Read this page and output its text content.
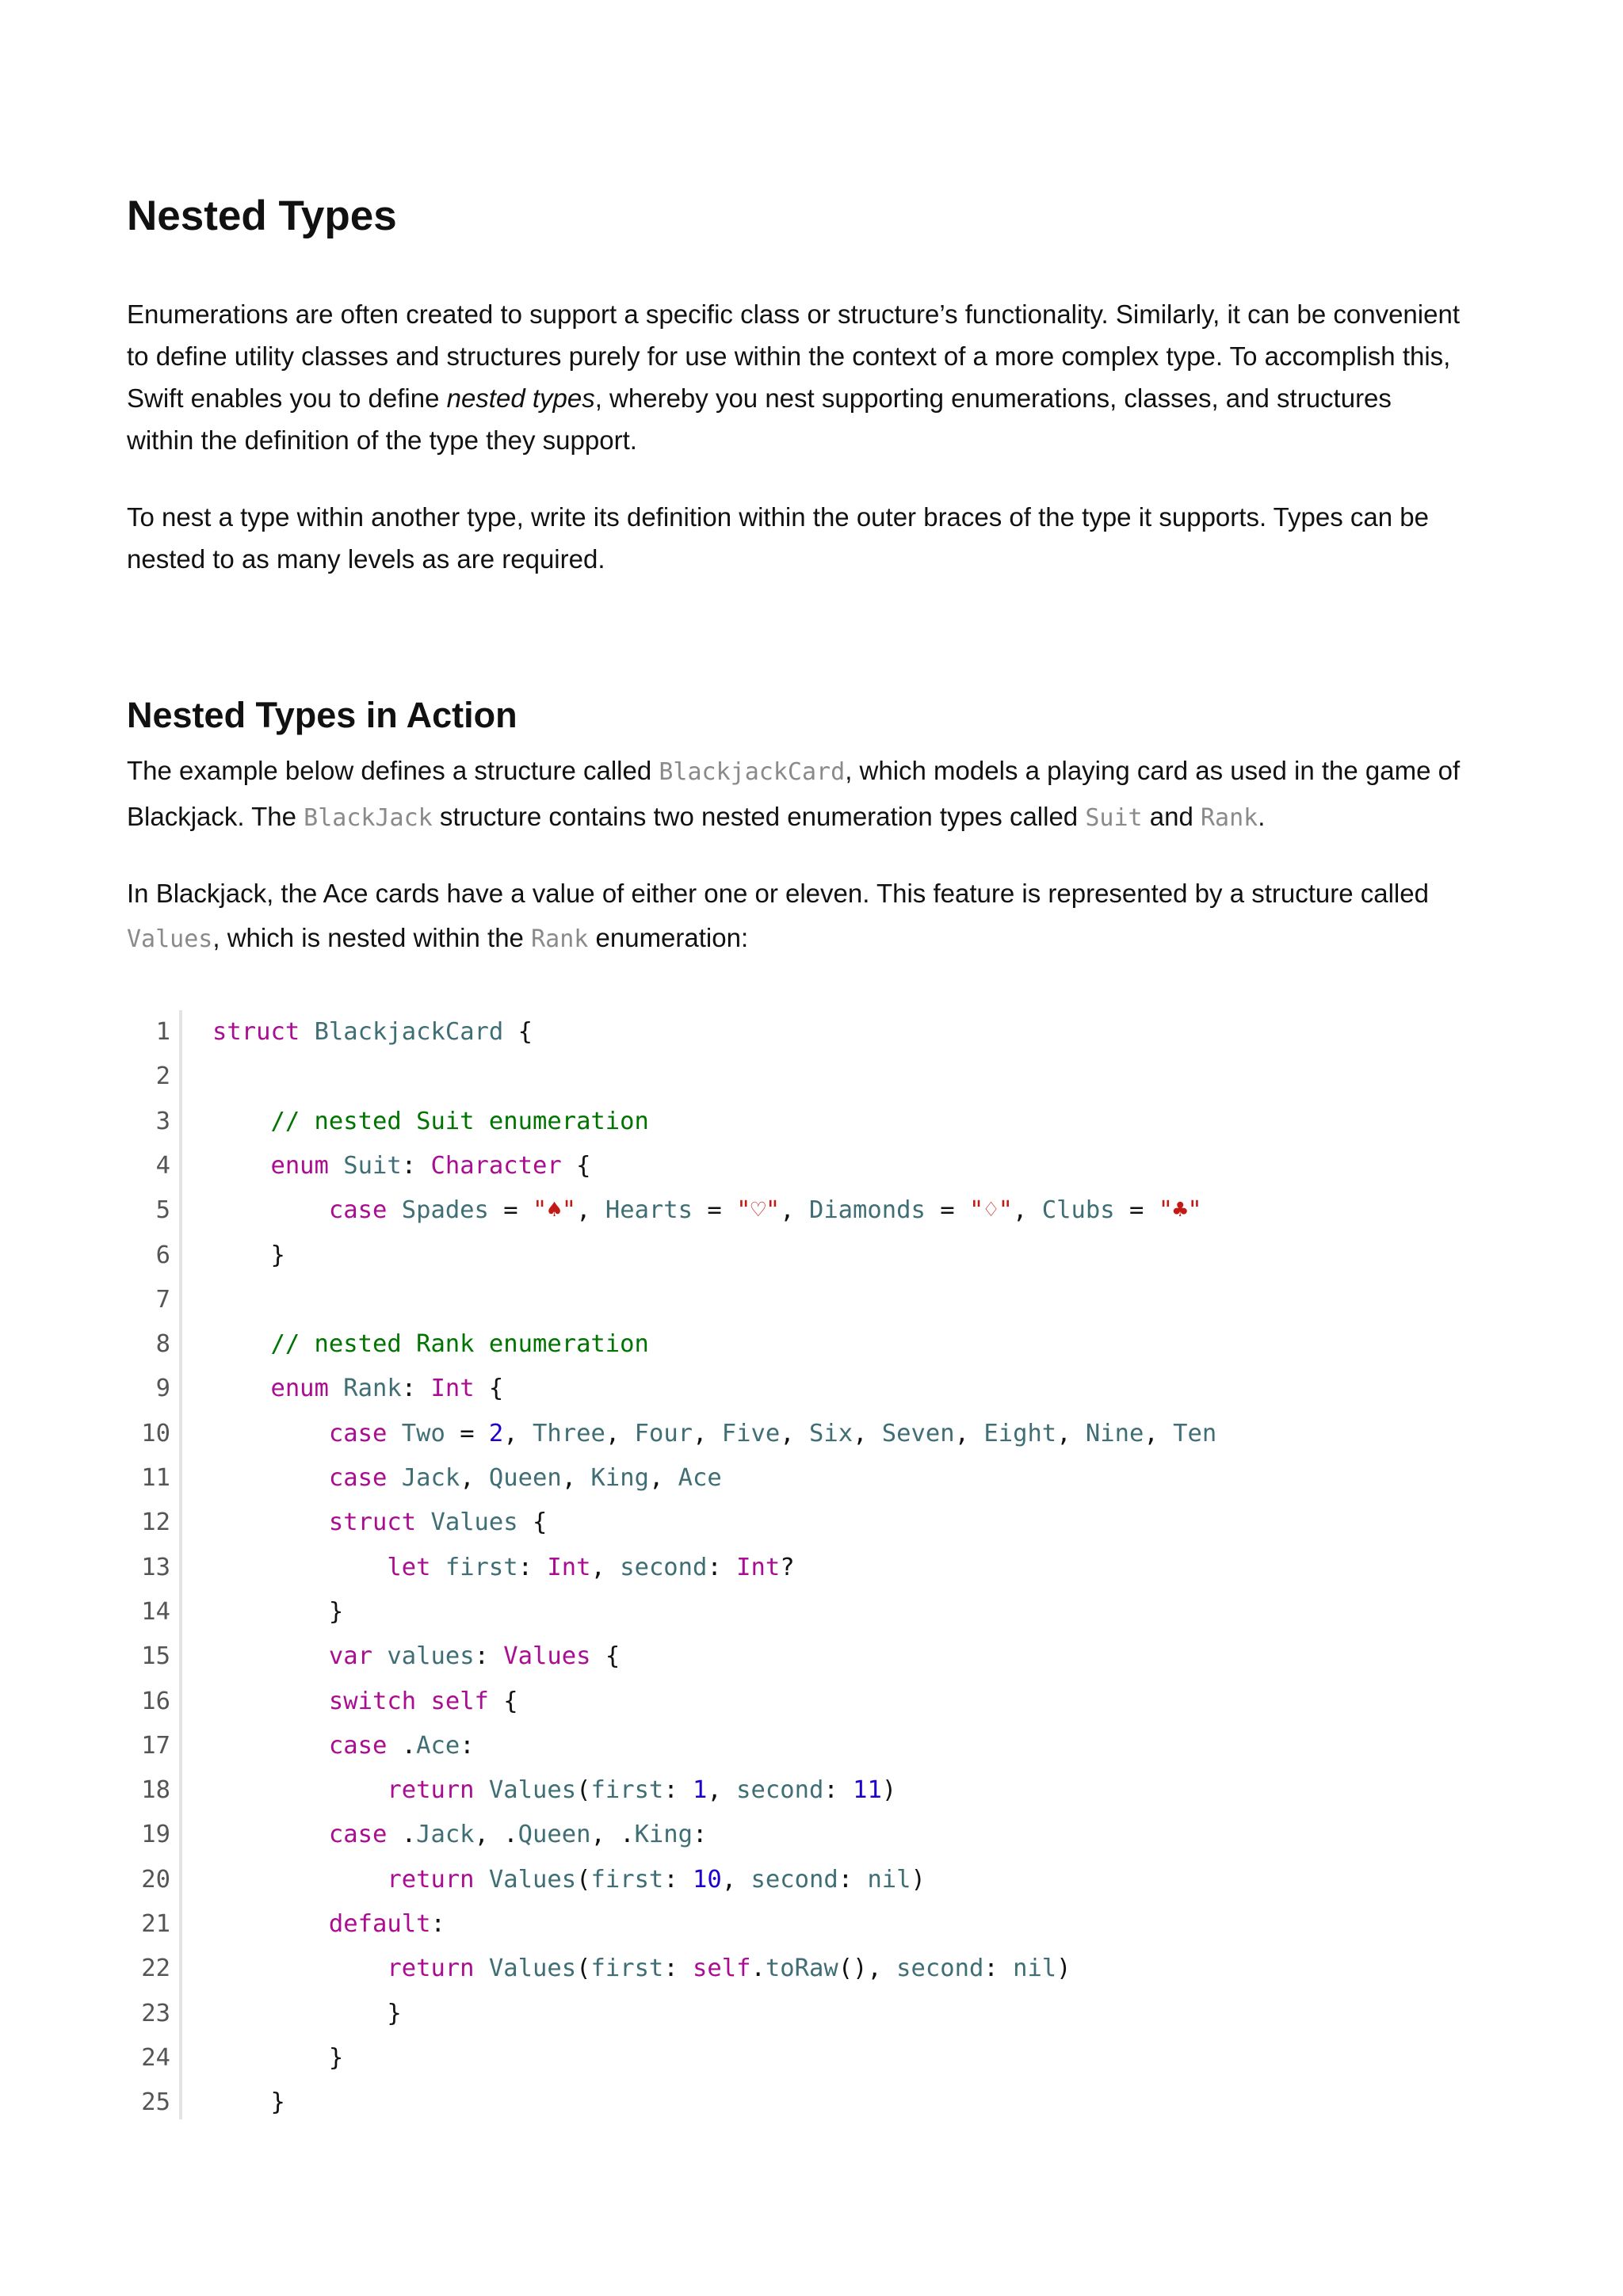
Nested Types

Enumerations are often created to support a specific class or structure’s functionality. Similarly, it can be convenient
to define utility classes and structures purely for use within the context of a more complex type. To accomplish this,
Swift enables you to define nested types, whereby you nest supporting enumerations, classes, and structures
within the definition of the type they support.

To nest a type within another type, write its definition within the outer braces of the type it supports. Types can be
nested to as many levels as are required.

Nested Types in Action

The example below defines a structure called BlackjackCard, which models a playing card as used in the game of
Blackjack. The BlackJack structure contains two nested enumeration types called Suit and Rank.

In Blackjack, the Ace cards have a value of either one or eleven. This feature is represented by a structure called
Values, which is nested within the Rank enumeration:

1 struct BlackjackCard {
2
3	// nested Suit enumeration
4	enum Suit: Character {
5	case Spades = "♠", Hearts = "♡", Diamonds = "♢", Clubs = "♣"
6 }
7
8	// nested Rank enumeration
9	enum Rank: Int {
10	case Two = 2, Three, Four, Five, Six, Seven, Eight, Nine, Ten
11	case Jack, Queen, King, Ace
12	struct Values {
13	let first: Int, second: Int?
14 }
15	var values: Values {
16	switch self {
17	case .Ace:
18	return Values(first: 1, second: 11)
19	case .Jack, .Queen, .King:
20	return Values(first: 10, second: nil)
21	default:
22	return Values(first: self.toRaw(), second: nil)
23 }
24 }
25 }
